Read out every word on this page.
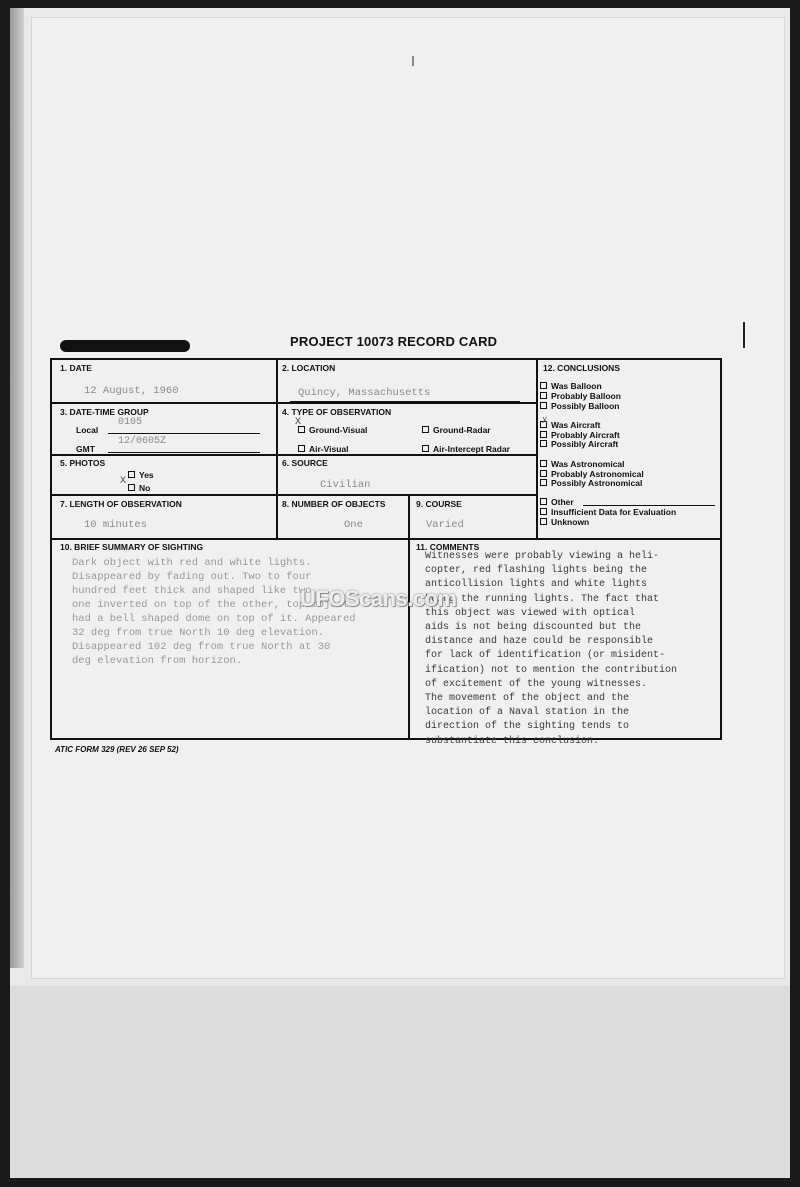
PROJECT 10073 RECORD CARD
1. DATE
12 August, 1960
2. LOCATION
Quincy, Massachusetts
3. DATE-TIME GROUP
Local
0105
GMT
12/0605Z
4. TYPE OF OBSERVATION
Ground-Visual
X
Ground-Radar
Air-Visual	Air-Intercept Radar
5. PHOTOS
Yes
No
X
6. SOURCE
Civilian
7. LENGTH OF OBSERVATION
10 minutes
8. NUMBER OF OBJECTS
One
9. COURSE
Varied
12. CONCLUSIONS
Was Balloon
Probably Balloon
Possibly Balloon
Was Aircraft
X
Probably Aircraft
Possibly Aircraft
Was Astronomical
Probably Astronomical
Possibly Astronomical
Other
Insufficient Data for Evaluation
Unknown
10. BRIEF SUMMARY OF SIGHTING
Dark object with red and white lights.
Disappeared by fading out. Two to four
hundred feet thick and shaped like two
one inverted on top of the other, top object
had a bell shaped dome on top of it. Appeared
32 deg from true North 10 deg elevation.
Disappeared 102 deg from true North at 30
deg elevation from horizon.
11. COMMENTS
Witnesses were probably viewing a heli-
copter, red flashing lights being the
anticollision lights and white lights
being the running lights. The fact that
this object was viewed with optical
aids is not being discounted but the
distance and haze could be responsible
for lack of identification (or misident-
ification) not to mention the contribution
of excitement of the young witnesses.
The movement of the object and the
location of a Naval station in the
direction of the sighting tends to
substantiate this conclusion.
UFOScans.com
ATIC FORM 329 (REV 26 SEP 52)
